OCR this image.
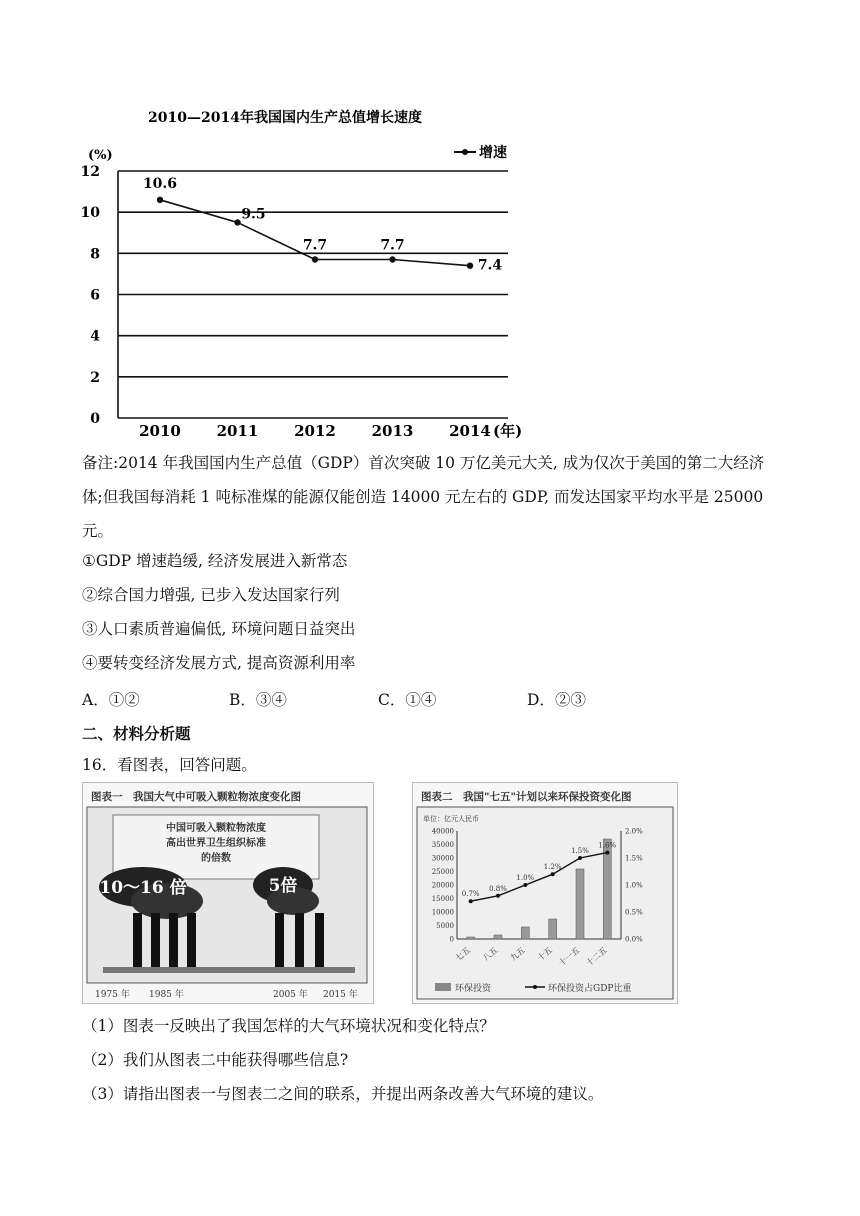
2010—2014年我国国内生产总值增长速度
(%)	增速
0
2
4
6
8
10
12
2010 2011 2012 2013 2014
10.6
9.5
7.7	7.7
7.4
(年)
备注:2014 年我国国内生产总值（GDP）首次突破 10 万亿美元大关, 成为仅次于美国的第二大经济体;但我国每消耗 1 吨标准煤的能源仅能创造 14000 元左右的 GDP, 而发达国家平均水平是 25000 元。
①GDP 增速趋缓, 经济发展进入新常态
②综合国力增强, 已步入发达国家行列
③人口素质普遍偏低, 环境问题日益突出
④要转变经济发展方式, 提高资源利用率
A．①②	B．③④	C．①④	D．②③
二、材料分析题
16．看图表，回答问题。
图表一　我国大气中可吸入颗粒物浓度变化图
中国可吸入颗粒物浓度
高出世界卫生组织标准
的倍数
10～16 倍	5倍
1975 年 1985 年	2005 年 2015 年
图表二　我国"七五"计划以来环保投资变化图
单位：亿元人民币
40000
35000
30000
25000
20000
15000
10000
5000
0
2.0%
1.5%
1.0%
0.5%
0.0%
七五 八五 九五 十五 十一五 十二五
0.7%
0.8%
1.0%
1.2%
1.5%
1.6%
环保投资	环保投资占GDP比重
（1）图表一反映出了我国怎样的大气环境状况和变化特点？
（2）我们从图表二中能获得哪些信息?
（3）请指出图表一与图表二之间的联系，并提出两条改善大气环境的建议。
